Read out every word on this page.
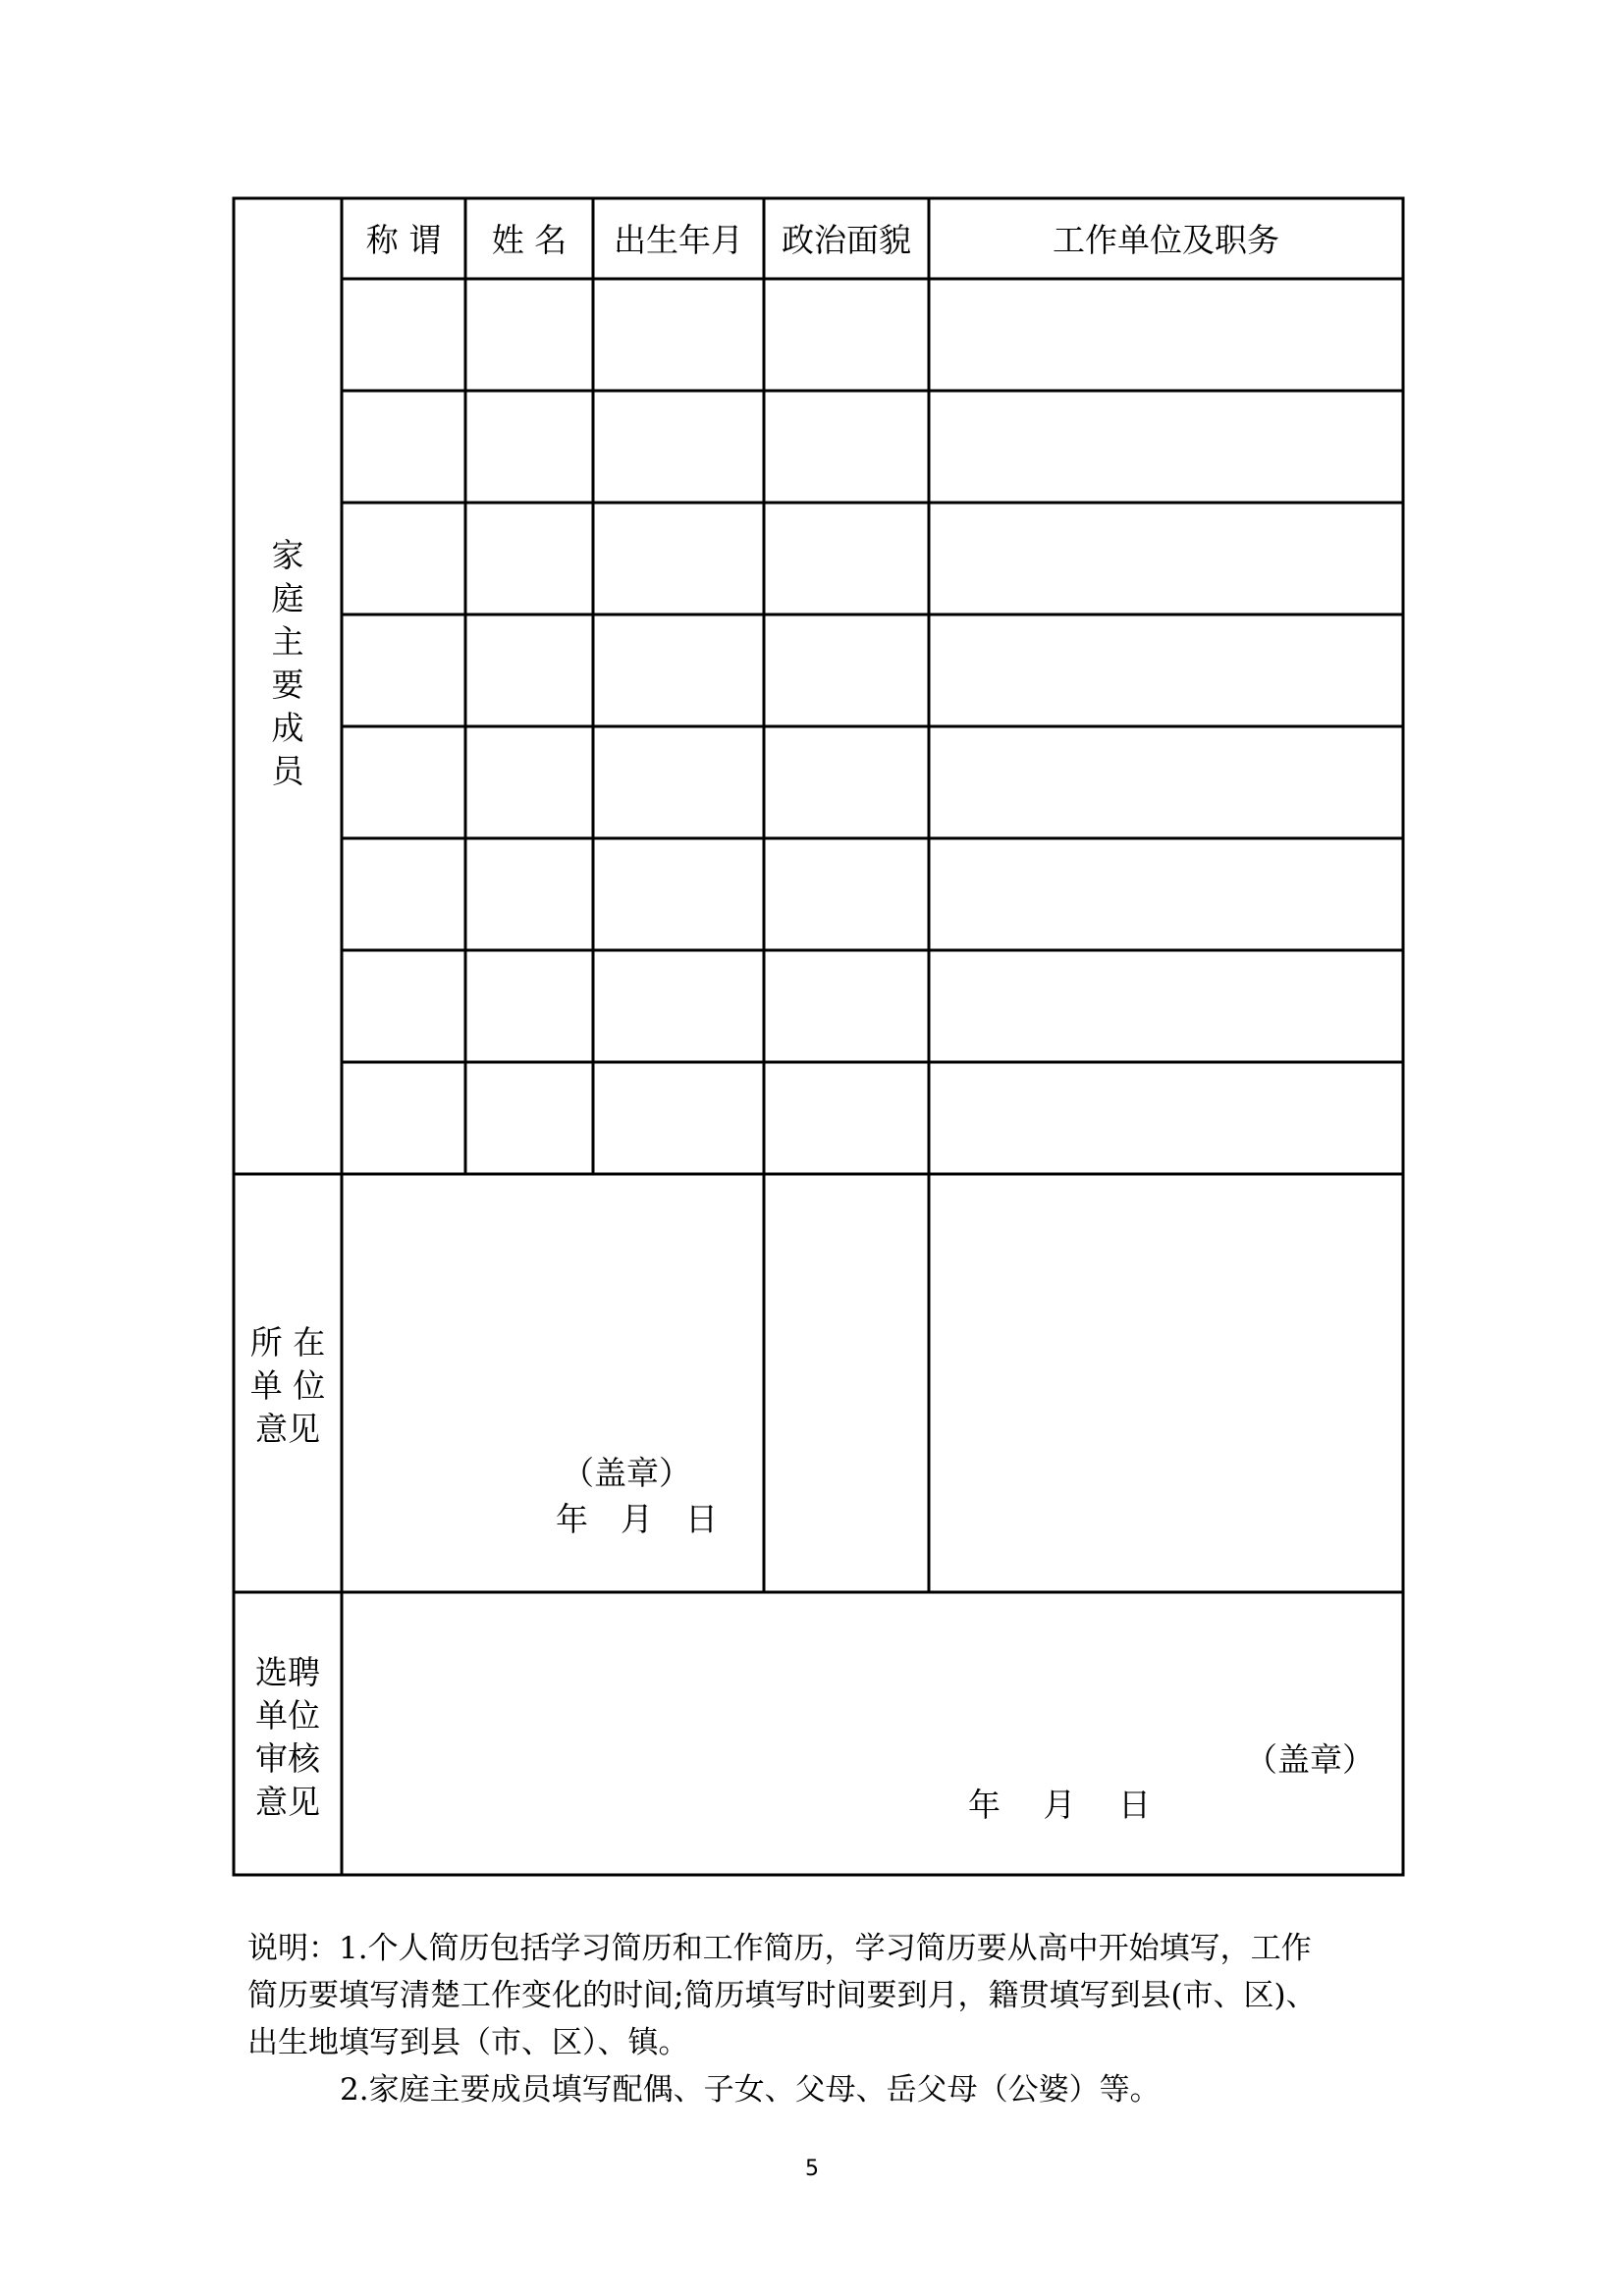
家
庭
主
要
成
员
称 谓	姓 名	出生年月	政治面貌	工作单位及职务
所 在
单 位
意见
（盖章）
年　月　日
选聘
单位
审核
意见
（盖章）
年　 月　 日
说明：1.个人简历包括学习简历和工作简历，学习简历要从高中开始填写，工作
简历要填写清楚工作变化的时间;简历填写时间要到月，籍贯填写到县(市、区)、
出生地填写到县（市、区）、镇。
2.家庭主要成员填写配偶、子女、父母、岳父母（公婆）等。
5
